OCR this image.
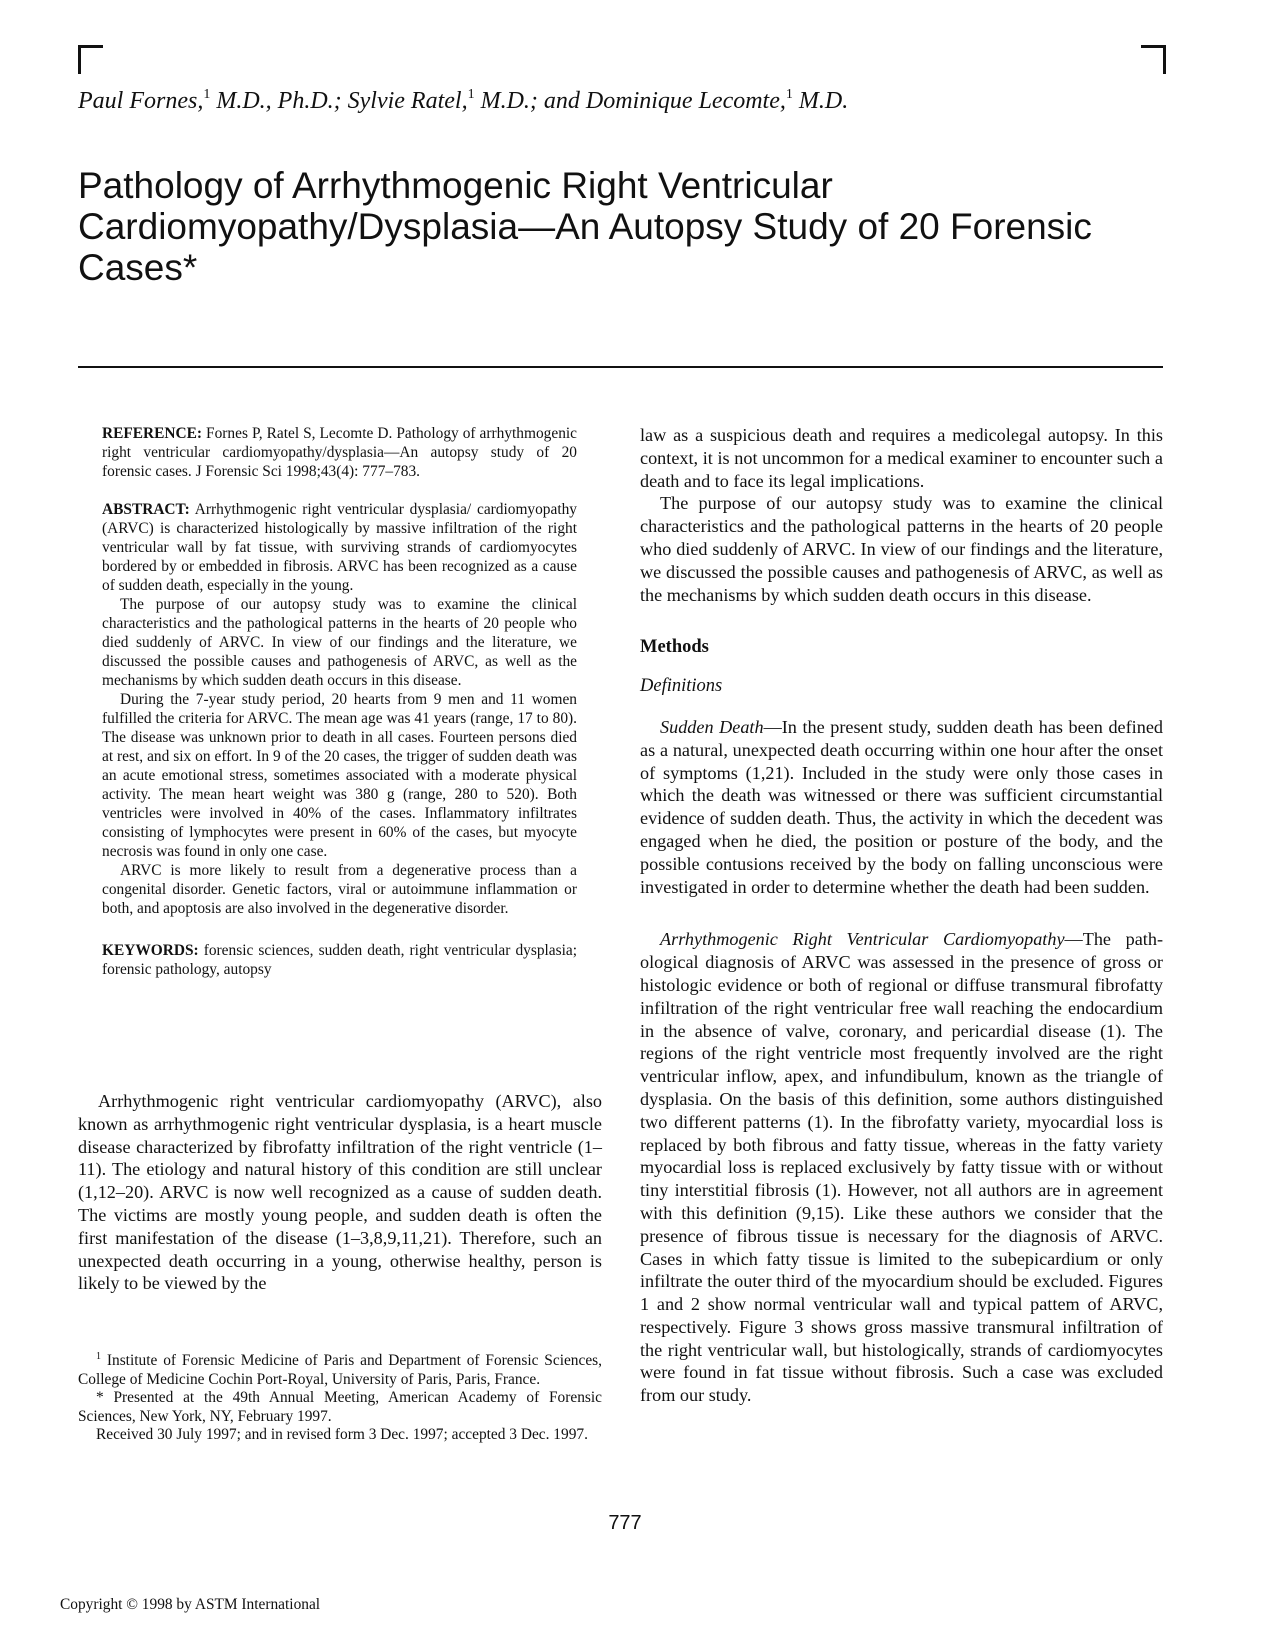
Paul Fornes,$^1$ M.D., Ph.D.; Sylvie Ratel,$^1$ M.D.; and Dominique Lecomte,$^1$ M.D.
Pathology of Arrhythmogenic Right Ventricular
Cardiomyopathy/Dysplasia—An Autopsy Study of 20 Forensic
Cases*

REFERENCE: Fornes P, Ratel S, Lecomte D. Pathology of arrhythmogenic right ventricular cardiomyopathy/dysplasia—An autopsy study of 20 forensic cases. J Forensic Sci 1998;43(4): 777–783.

ABSTRACT: Arrhythmogenic right ventricular dysplasia/ cardiomyopathy (ARVC) is characterized histologically by massive infiltration of the right ventricular wall by fat tissue, with surviving strands of cardiomyocytes bordered by or embedded in fibrosis. ARVC has been recognized as a cause of sudden death, especially in the young.

The purpose of our autopsy study was to examine the clinical characteristics and the pathological patterns in the hearts of 20 people who died suddenly of ARVC. In view of our findings and the literature, we discussed the possible causes and pathogenesis of ARVC, as well as the mechanisms by which sudden death occurs in this disease.

During the 7-year study period, 20 hearts from 9 men and 11 women fulfilled the criteria for ARVC. The mean age was 41 years (range, 17 to 80). The disease was unknown prior to death in all cases. Fourteen persons died at rest, and six on effort. In 9 of the 20 cases, the trigger of sudden death was an acute emotional stress, sometimes associated with a moderate physical activity. The mean heart weight was 380 g (range, 280 to 520). Both ventricles were involved in 40% of the cases. Inflammatory infiltrates consisting of lymphocytes were present in 60% of the cases, but myocyte necrosis was found in only one case.

ARVC is more likely to result from a degenerative process than a congenital disorder. Genetic factors, viral or autoimmune inflammation or both, and apoptosis are also involved in the degenerative disorder.

KEYWORDS: forensic sciences, sudden death, right ventricular dysplasia; forensic pathology, autopsy

Arrhythmogenic right ventricular cardiomyopathy (ARVC), also known as arrhythmogenic right ventricular dysplasia, is a heart muscle disease characterized by fibrofatty infiltration of the right ventricle (1–11). The etiology and natural history of this condition are still unclear (1,12–20). ARVC is now well recognized as a cause of sudden death. The victims are mostly young people, and sudden death is often the first manifestation of the disease (1–3,8,9,11,21). Therefore, such an unexpected death occurring in a young, otherwise healthy, person is likely to be viewed by the

$^1$ Institute of Forensic Medicine of Paris and Department of Forensic Sciences, College of Medicine Cochin Port-Royal, University of Paris, Paris, France.

* Presented at the 49th Annual Meeting, American Academy of Forensic Sciences, New York, NY, February 1997.

Received 30 July 1997; and in revised form 3 Dec. 1997; accepted 3 Dec. 1997.

law as a suspicious death and requires a medicolegal autopsy. In this context, it is not uncommon for a medical examiner to encounter such a death and to face its legal implications.

The purpose of our autopsy study was to examine the clinical characteristics and the pathological patterns in the hearts of 20 people who died suddenly of ARVC. In view of our findings and the literature, we discussed the possible causes and pathogenesis of ARVC, as well as the mechanisms by which sudden death occurs in this disease.

Methods
Definitions

Sudden Death—In the present study, sudden death has been defined as a natural, unexpected death occurring within one hour after the onset of symptoms (1,21). Included in the study were only those cases in which the death was witnessed or there was sufficient circumstantial evidence of sudden death. Thus, the activity in which the decedent was engaged when he died, the position or posture of the body, and the possible contusions received by the body on falling unconscious were investigated in order to determine whether the death had been sudden.

Arrhythmogenic Right Ventricular Cardiomyopathy—The pathological diagnosis of ARVC was assessed in the presence of gross or histologic evidence or both of regional or diffuse transmural fibrofatty infiltration of the right ventricular free wall reaching the endocardium in the absence of valve, coronary, and pericardial disease (1). The regions of the right ventricle most frequently involved are the right ventricular inflow, apex, and infundibulum, known as the triangle of dysplasia. On the basis of this definition, some authors distinguished two different patterns (1). In the fibrofatty variety, myocardial loss is replaced by both fibrous and fatty tissue, whereas in the fatty variety myocardial loss is replaced exclusively by fatty tissue with or without tiny interstitial fibrosis (1). However, not all authors are in agreement with this definition (9,15). Like these authors we consider that the presence of fibrous tissue is necessary for the diagnosis of ARVC. Cases in which fatty tissue is limited to the subepicardium or only infiltrate the outer third of the myocardium should be excluded. Figures 1 and 2 show normal ventricular wall and typical pattem of ARVC, respectively. Figure 3 shows gross massive transmural infiltration of the right ventricular wall, but histologically, strands of cardiomyocytes were found in fat tissue without fibrosis. Such a case was excluded from our study.

777
Copyright © 1998 by ASTM International
